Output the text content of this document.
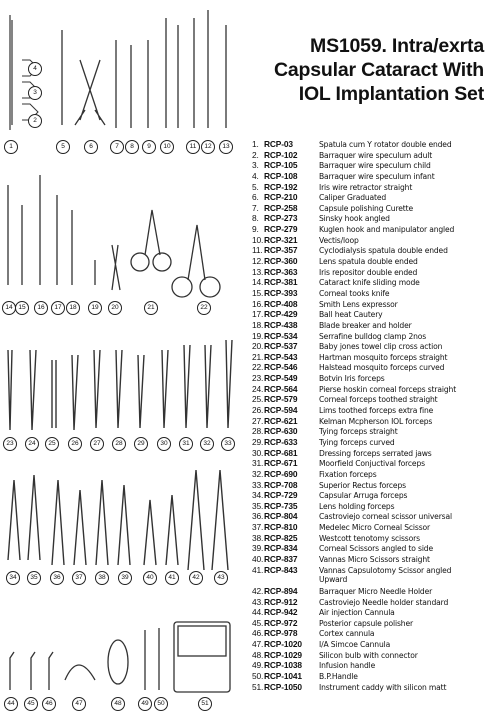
MS1059. Intra/exrta
Capsular Cataract With
IOL Implantation Set
1
2
3
4
5	6	7	8	9	10	11	12	13
14 15	16	17	18	19	20	21	22
23	24	25	26	27	28	29	30	31	32	33
34	35	36	37	38	39	40	41	42	43
44	45	46	47	48	49	50	51
1. RCP-03	Spatula cum Y rotator double ended
2. RCP-102	Barraquer wire speculum adult
3. RCP-105	Barraquer wire speculum child
4. RCP-108	Barraquer wire speculum infant
5. RCP-192	Iris wire retractor straight
6. RCP-210	Caliper Graduated
7. RCP-258	Capsule polishing Curette
8. RCP-273	Sinsky hook angled
9. RCP-279	Kuglen hook and manipulator angled
10. RCP-321	Vectis/loop
11. RCP-357	Cyclodialysis spatula double ended
12. RCP-360	Lens spatula double ended
13. RCP-363	Iris repositor double ended
14. RCP-381	Cataract knife sliding mode
15. RCP-393	Corneal tooks knife
16. RCP-408	Smith Lens expressor
17. RCP-429	Ball heat Cautery
18. RCP-438	Blade breaker and holder
19. RCP-534	Serrafine bulldog clamp 2nos
20. RCP-537	Baby jones towel clip cross action
21. RCP-543	Hartman mosquito forceps straight
22. RCP-546	Halstead mosquito forceps curved
23. RCP-549	Botvin Iris forceps
24. RCP-564	Pierse hoskin corneal forceps straight
25. RCP-579	Corneal forceps toothed straight
26. RCP-594	Lims toothed forceps extra fine
27. RCP-621	Kelman Mcpherson IOL forceps
28. RCP-630	Tying forceps straight
29. RCP-633	Tying forceps curved
30. RCP-681	Dressing forceps serrated jaws
31. RCP-671	Moorfield Conjuctival forceps
32. RCP-690	Fixation forceps
33. RCP-708	Superior Rectus forceps
34. RCP-729	Capsular Arruga forceps
35. RCP-735	Lens holding forceps
36. RCP-804	Castroviejo corneal scissor universal
37. RCP-810	Medelec Micro Corneal Scissor
38. RCP-825	Westcott tenotomy scissors
39. RCP-834	Corneal Scissors angled to side
40. RCP-837	Vannas Micro Scissors straight
41. RCP-843	Vannas Capsulotomy Scissor angled
Upward
42. RCP-894	Barraquer Micro Needle Holder
43. RCP-912	Castroviejo Needle holder standard
44. RCP-942	Air injection Cannula
45. RCP-972	Posterior capsule polisher
46. RCP-978	Cortex cannula
47. RCP-1020	I/A Simcoe Cannula
48. RCP-1029	Silicon bulb with connector
49. RCP-1038	Infusion handle
50. RCP-1041	B.P.Handle
51. RCP-1050	Instrument caddy with silicon matt
